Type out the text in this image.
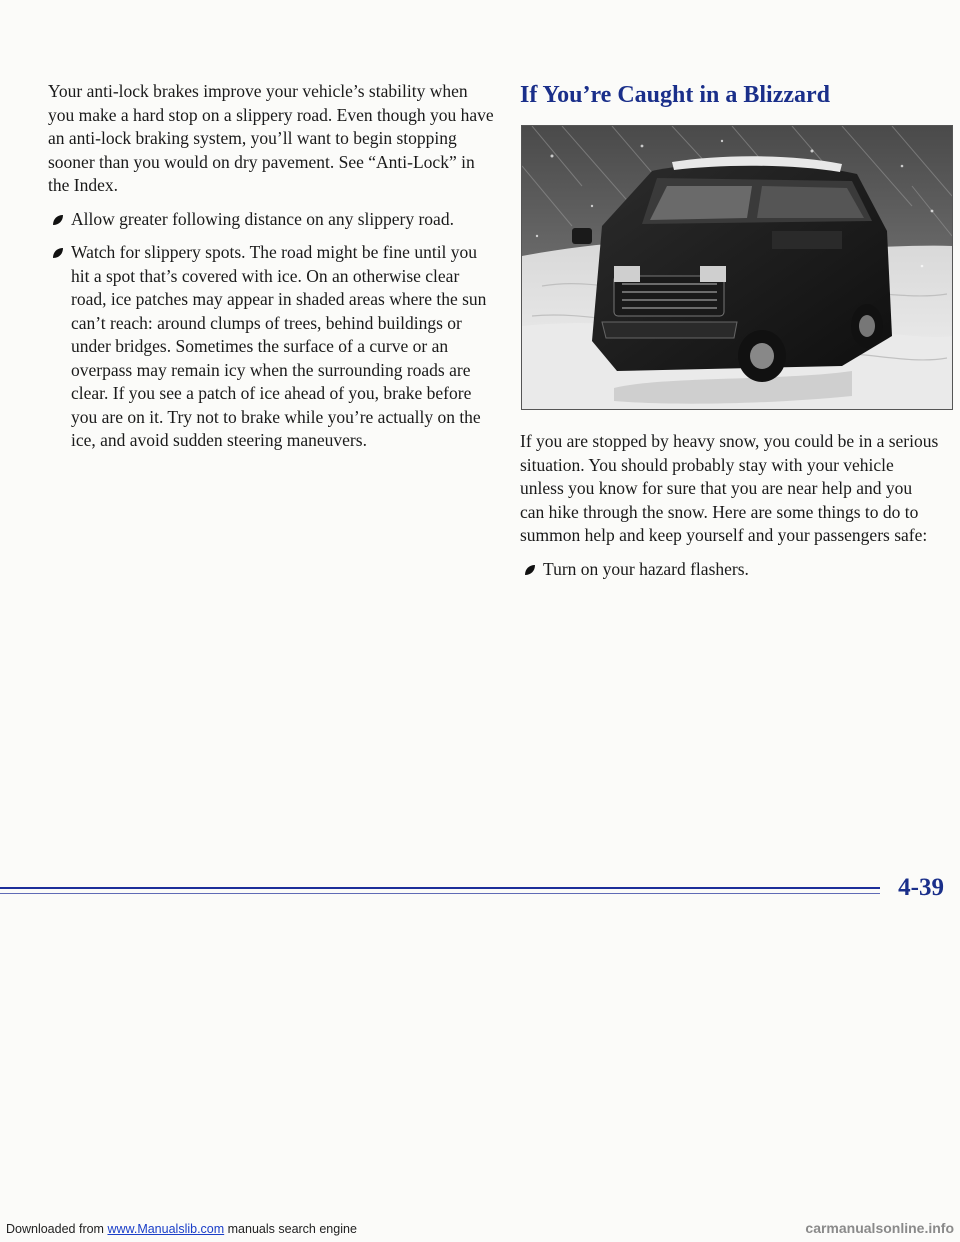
Your anti-lock brakes improve your vehicle’s stability when you make a hard stop on a slippery road. Even though you have an anti-lock braking system, you’ll want to begin stopping sooner than you would on dry pavement. See “Anti-Lock” in the Index.

Allow greater following distance on any slippery road.
Watch for slippery spots. The road might be fine until you hit a spot that’s covered with ice. On an otherwise clear road, ice patches may appear in shaded areas where the sun can’t reach: around clumps of trees, behind buildings or under bridges. Sometimes the surface of a curve or an overpass may remain icy when the surrounding roads are clear. If you see a patch of ice ahead of you, brake before you are on it. Try not to brake while you’re actually on the ice, and avoid sudden steering maneuvers.
If You’re Caught in a Blizzard

If you are stopped by heavy snow, you could be in a serious situation. You should probably stay with your vehicle unless you know for sure that you are near help and you can hike through the snow. Here are some things to do to summon help and keep yourself and your passengers safe:

Turn on your hazard flashers.
4-39
Downloaded from www.Manualslib.com manuals search engine	carmanualsonline.info
